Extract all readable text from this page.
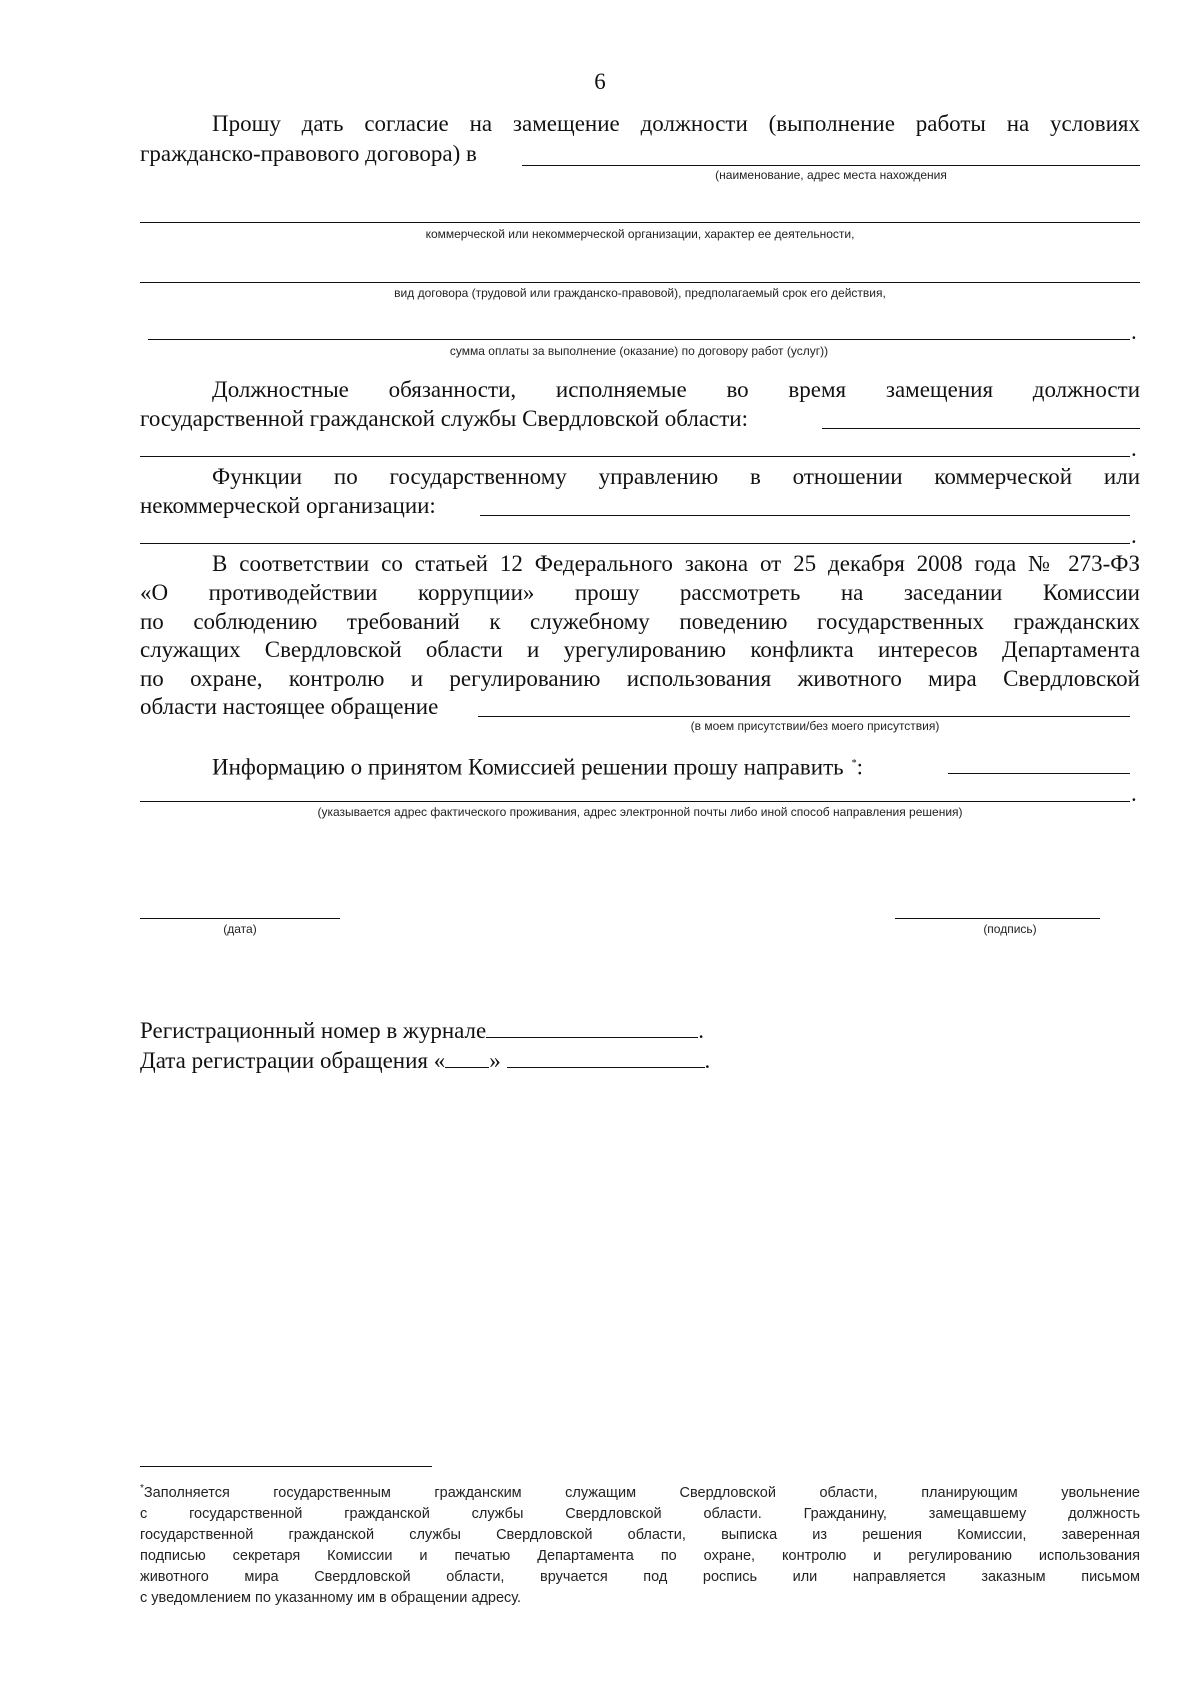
6
Прошу дать согласие на замещение должности (выполнение работы на условиях
гражданско-правового договора) в
(наименование, адрес места нахождения
коммерческой или некоммерческой организации, характер ее деятельности,
вид договора (трудовой или гражданско-правовой), предполагаемый срок его действия,
.
сумма оплаты за выполнение (оказание) по договору работ (услуг))
Должностные обязанности, исполняемые во время замещения должности
государственной гражданской службы Свердловской области:
.
Функции по государственному управлению в отношении коммерческой или
некоммерческой организации:
.
В соответствии со статьей 12 Федерального закона от 25 декабря 2008 года № 273-ФЗ
«О противодействии коррупции» прошу рассмотреть на заседании Комиссии
по соблюдению требований к служебному поведению государственных гражданских
служащих Свердловской области и урегулированию конфликта интересов Департамента
по охране, контролю и регулированию использования животного мира Свердловской
области настоящее обращение
(в моем присутствии/без моего присутствия)
Информацию о принятом Комиссией решении прошу направить *:
.
(указывается адрес фактического проживания, адрес электронной почты либо иной способ направления решения)
(дата)	(подпись)
Регистрационный номер в журнале	.
Дата регистрации обращения « »	.
*Заполняется государственным гражданским служащим Свердловской области, планирующим увольнение
с государственной гражданской службы Свердловской области. Гражданину, замещавшему должность
государственной гражданской службы Свердловской области, выписка из решения Комиссии, заверенная
подписью секретаря Комиссии и печатью Департамента по охране, контролю и регулированию использования
животного мира Свердловской области, вручается под роспись или направляется заказным письмом
с уведомлением по указанному им в обращении адресу.
